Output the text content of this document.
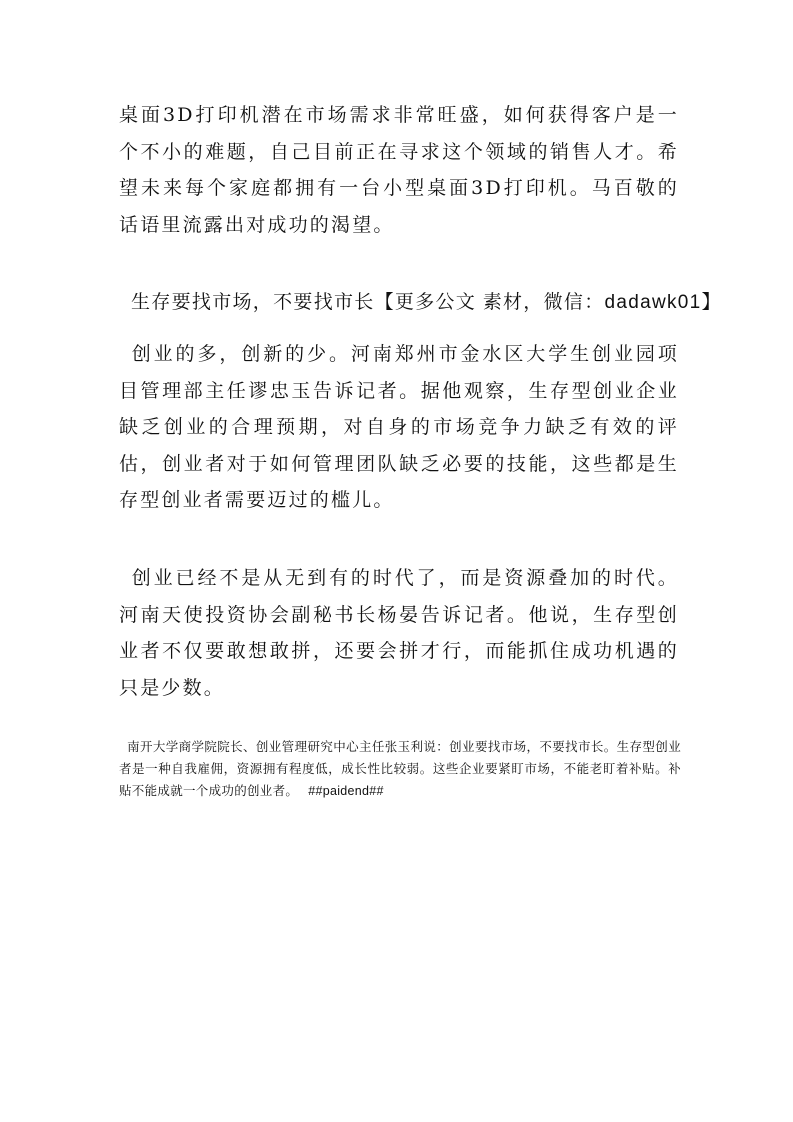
桌面3D打印机潜在市场需求非常旺盛，如何获得客户是一个不小的难题，自己目前正在寻求这个领域的销售人才。希望未来每个家庭都拥有一台小型桌面3D打印机。马百敬的话语里流露出对成功的渴望。

生存要找市场，不要找市长【更多公文 素材，微信：dadawk01】

创业的多，创新的少。河南郑州市金水区大学生创业园项目管理部主任谬忠玉告诉记者。据他观察，生存型创业企业缺乏创业的合理预期，对自身的市场竞争力缺乏有效的评估，创业者对于如何管理团队缺乏必要的技能，这些都是生存型创业者需要迈过的槛儿。

创业已经不是从无到有的时代了，而是资源叠加的时代。河南天使投资协会副秘书长杨晏告诉记者。他说，生存型创业者不仅要敢想敢拼，还要会拼才行，而能抓住成功机遇的只是少数。

南开大学商学院院长、创业管理研究中心主任张玉利说：创业要找市场，不要找市长。生存型创业者是一种自我雇佣，资源拥有程度低，成长性比较弱。这些企业要紧盯市场，不能老盯着补贴。补贴不能成就一个成功的创业者。 ##paidend##
